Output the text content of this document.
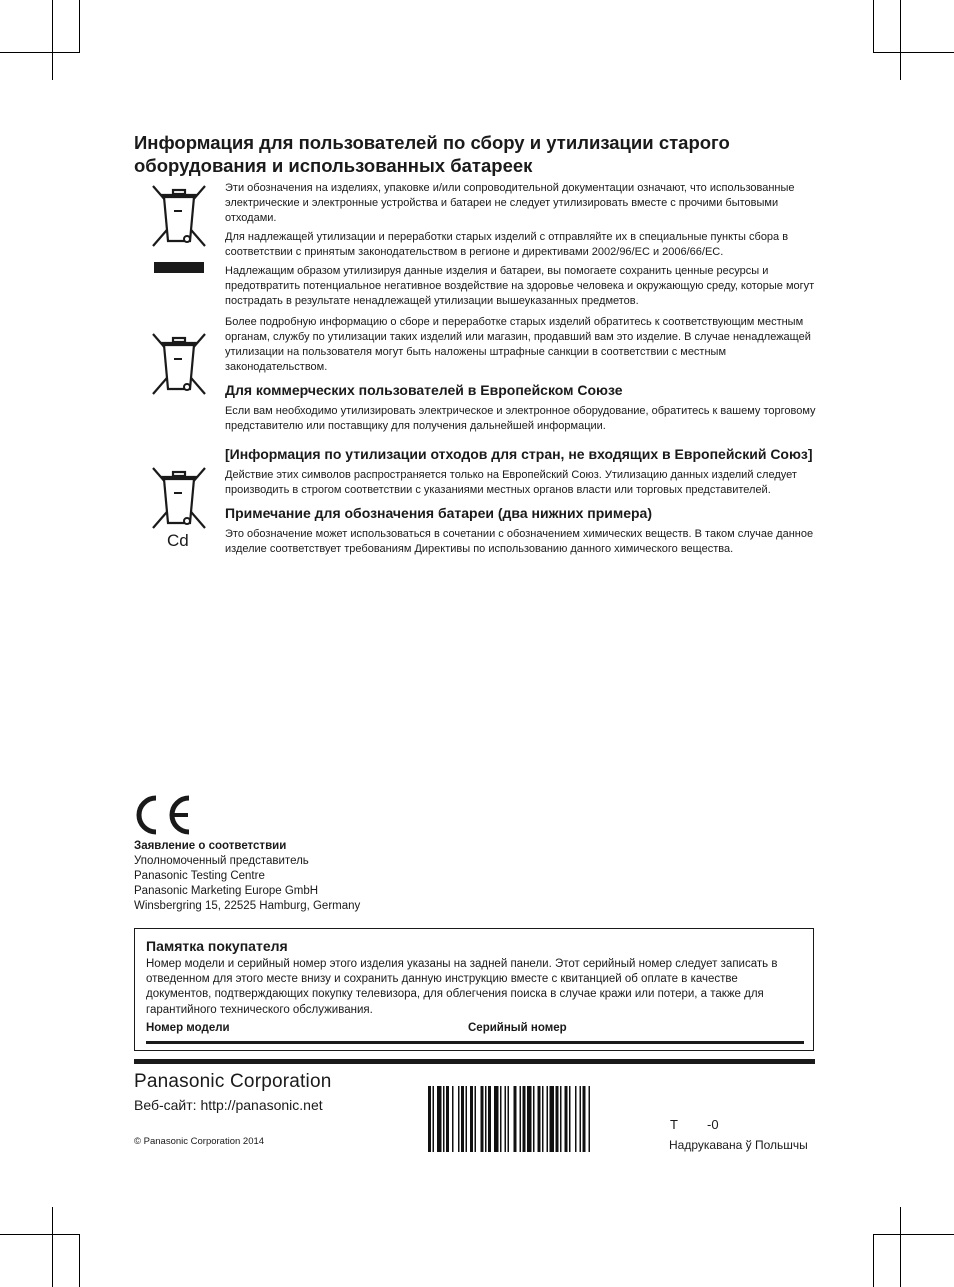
Информация для пользователей по сбору и утилизации старого оборудования и использованных батареек
Cd

Эти обозначения на изделиях, упаковке и/или сопроводительной документации означают, что использованные электрические и электронные устройства и батареи не следует утилизировать вместе с прочими бытовыми отходами.

Для надлежащей утилизации и переработки старых изделий с отправляйте их в специальные пункты сбора в соответствии с принятым законодательством в регионе и директивами 2002/96/EC и 2006/66/EC.

Надлежащим образом утилизируя данные изделия и батареи, вы помогаете сохранить ценные ресурсы и предотвратить потенциальное негативное воздействие на здоровье человека и окружающую среду, которые могут пострадать в результате ненадлежащей утилизации вышеуказанных предметов.

Более подробную информацию о сборе и переработке старых изделий обратитесь к соответствующим местным органам, службу по утилизации таких изделий или магазин, продавший вам это изделие. В случае ненадлежащей утилизации на пользователя могут быть наложены штрафные санкции в соответствии с местным законодательством.

Для коммерческих пользователей в Европейском Союзе

Если вам необходимо утилизировать электрическое и электронное оборудование, обратитесь к вашему торговому представителю или поставщику для получения дальнейшей информации.

[Информация по утилизации отходов для стран, не входящих в Европейский Союз]

Действие этих символов распространяется только на Европейский Союз. Утилизацию данных изделий следует производить в строгом соответствии с указаниями местных органов власти или торговых представителей.

Примечание для обозначения батареи (два нижних примера)

Это обозначение может использоваться в сочетании с обозначением химических веществ. В таком случае данное изделие соответствует требованиям Директивы по использованию данного химического вещества.

Заявление о соответствии
Уполномоченный представитель
Panasonic Testing Centre
Panasonic Marketing Europe GmbH
Winsbergring 15, 22525 Hamburg, Germany
Памятка покупателя
Номер модели и серийный номер этого изделия указаны на задней панели. Этот серийный номер следует записать в отведенном для этого месте внизу и сохранить данную инструкцию вместе с квитанцией об оплате в качестве документов, подтверждающих покупку телевизора, для облегчения поиска в случае кражи или потери, а также для гарантийного технического обслуживания.
Номер модели	Серийный номер
Panasonic Corporation
Веб-сайт: http://panasonic.net
© Panasonic Corporation 2014
T -0
Надрукавана ў Польшчы
